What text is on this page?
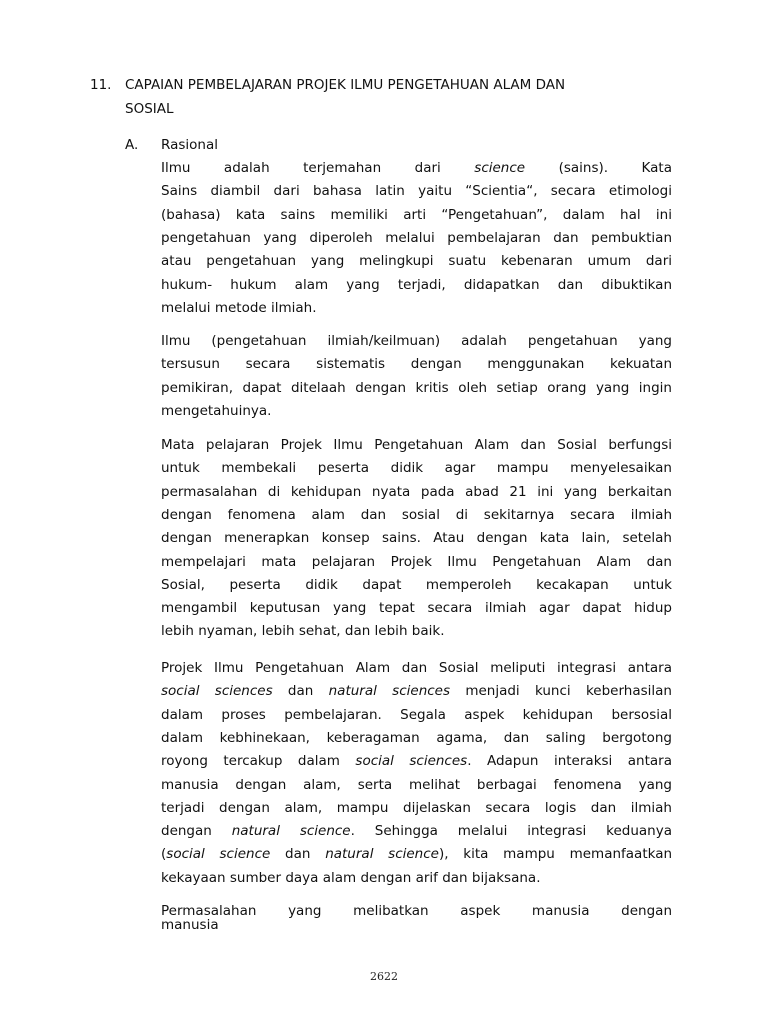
11. CAPAIAN PEMBELAJARAN PROJEK ILMU PENGETAHUAN ALAM DAN
SOSIAL
A. Rasional
Ilmu adalah terjemahan dari science (sains). Kata
Sains diambil dari bahasa latin yaitu “Scientia“, secara etimologi
(bahasa) kata sains memiliki arti “Pengetahuan”, dalam hal ini
pengetahuan yang diperoleh melalui pembelajaran dan pembuktian
atau pengetahuan yang melingkupi suatu kebenaran umum dari
hukum- hukum alam yang terjadi, didapatkan dan dibuktikan
melalui metode ilmiah.
Ilmu (pengetahuan ilmiah/keilmuan) adalah pengetahuan yang
tersusun secara sistematis dengan menggunakan kekuatan
pemikiran, dapat ditelaah dengan kritis oleh setiap orang yang ingin
mengetahuinya.
Mata pelajaran Projek Ilmu Pengetahuan Alam dan Sosial berfungsi
untuk membekali peserta didik agar mampu menyelesaikan
permasalahan di kehidupan nyata pada abad 21 ini yang berkaitan
dengan fenomena alam dan sosial di sekitarnya secara ilmiah
dengan menerapkan konsep sains. Atau dengan kata lain, setelah
mempelajari mata pelajaran Projek Ilmu Pengetahuan Alam dan
Sosial, peserta didik dapat memperoleh kecakapan untuk
mengambil keputusan yang tepat secara ilmiah agar dapat hidup
lebih nyaman, lebih sehat, dan lebih baik.
Projek Ilmu Pengetahuan Alam dan Sosial meliputi integrasi antara
social sciences dan natural sciences menjadi kunci keberhasilan
dalam proses pembelajaran. Segala aspek kehidupan bersosial
dalam kebhinekaan, keberagaman agama, dan saling bergotong
royong tercakup dalam social sciences. Adapun interaksi antara
manusia dengan alam, serta melihat berbagai fenomena yang
terjadi dengan alam, mampu dijelaskan secara logis dan ilmiah
dengan natural science. Sehingga melalui integrasi keduanya
(social science dan natural science), kita mampu memanfaatkan
kekayaan sumber daya alam dengan arif dan bijaksana.
Permasalahan yang melibatkan aspek manusia dengan
manusia
2622
